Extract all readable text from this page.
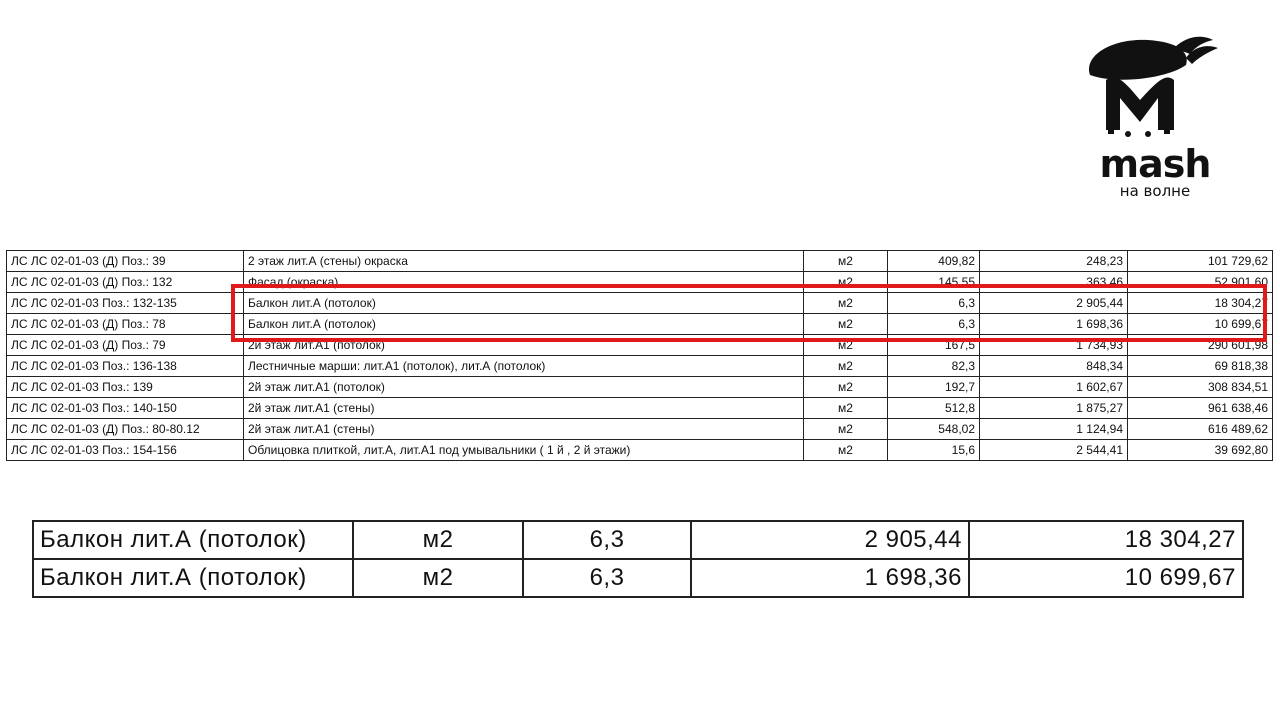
mash
на волне
ЛС ЛС 02-01-03 (Д) Поз.: 39	2 этаж лит.А (стены) окраска	м2	409,82	248,23	101 729,62
ЛС ЛС 02-01-03 (Д) Поз.: 132	Фасад (окраска)	м2	145,55	363,46	52 901,60
ЛС ЛС 02-01-03 Поз.: 132-135	Балкон лит.А (потолок)	м2	6,3	2 905,44	18 304,27
ЛС ЛС 02-01-03 (Д) Поз.: 78	Балкон лит.А (потолок)	м2	6,3	1 698,36	10 699,67
ЛС ЛС 02-01-03 (Д) Поз.: 79	2й этаж лит.А1 (потолок)	м2	167,5	1 734,93	290 601,98
ЛС ЛС 02-01-03 Поз.: 136-138	Лестничные марши: лит.А1 (потолок), лит.А (потолок)	м2	82,3	848,34	69 818,38
ЛС ЛС 02-01-03 Поз.: 139	2й этаж лит.А1 (потолок)	м2	192,7	1 602,67	308 834,51
ЛС ЛС 02-01-03 Поз.: 140-150	2й этаж лит.А1 (стены)	м2	512,8	1 875,27	961 638,46
ЛС ЛС 02-01-03 (Д) Поз.: 80-80.12	2й этаж лит.А1 (стены)	м2	548,02	1 124,94	616 489,62
ЛС ЛС 02-01-03 Поз.: 154-156	Облицовка плиткой, лит.А, лит.А1 под умывальники ( 1 й , 2 й этажи)	м2	15,6	2 544,41	39 692,80
Балкон лит.А (потолок)	м2	6,3	2 905,44	18 304,27
Балкон лит.А (потолок)	м2	6,3	1 698,36	10 699,67
